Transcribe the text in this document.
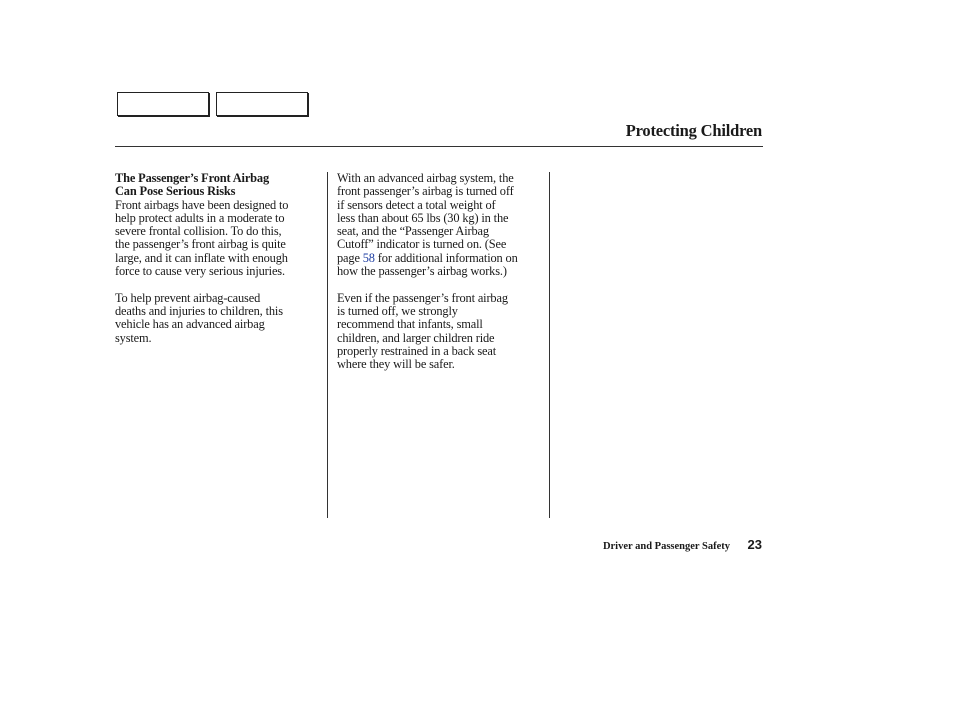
Protecting Children
The Passenger’s Front Airbag
Can Pose Serious Risks
Front airbags have been designed to
help protect adults in a moderate to
severe frontal collision. To do this,
the passenger’s front airbag is quite
large, and it can inflate with enough
force to cause very serious injuries.
To help prevent airbag-caused
deaths and injuries to children, this
vehicle has an advanced airbag
system.
With an advanced airbag system, the
front passenger’s airbag is turned off
if sensors detect a total weight of
less than about 65 lbs (30 kg) in the
seat, and the “Passenger Airbag
Cutoff” indicator is turned on. (See
page 58 for additional information on
how the passenger’s airbag works.)
Even if the passenger’s front airbag
is turned off, we strongly
recommend that infants, small
children, and larger children ride
properly restrained in a back seat
where they will be safer.
Driver and Passenger Safety 23
